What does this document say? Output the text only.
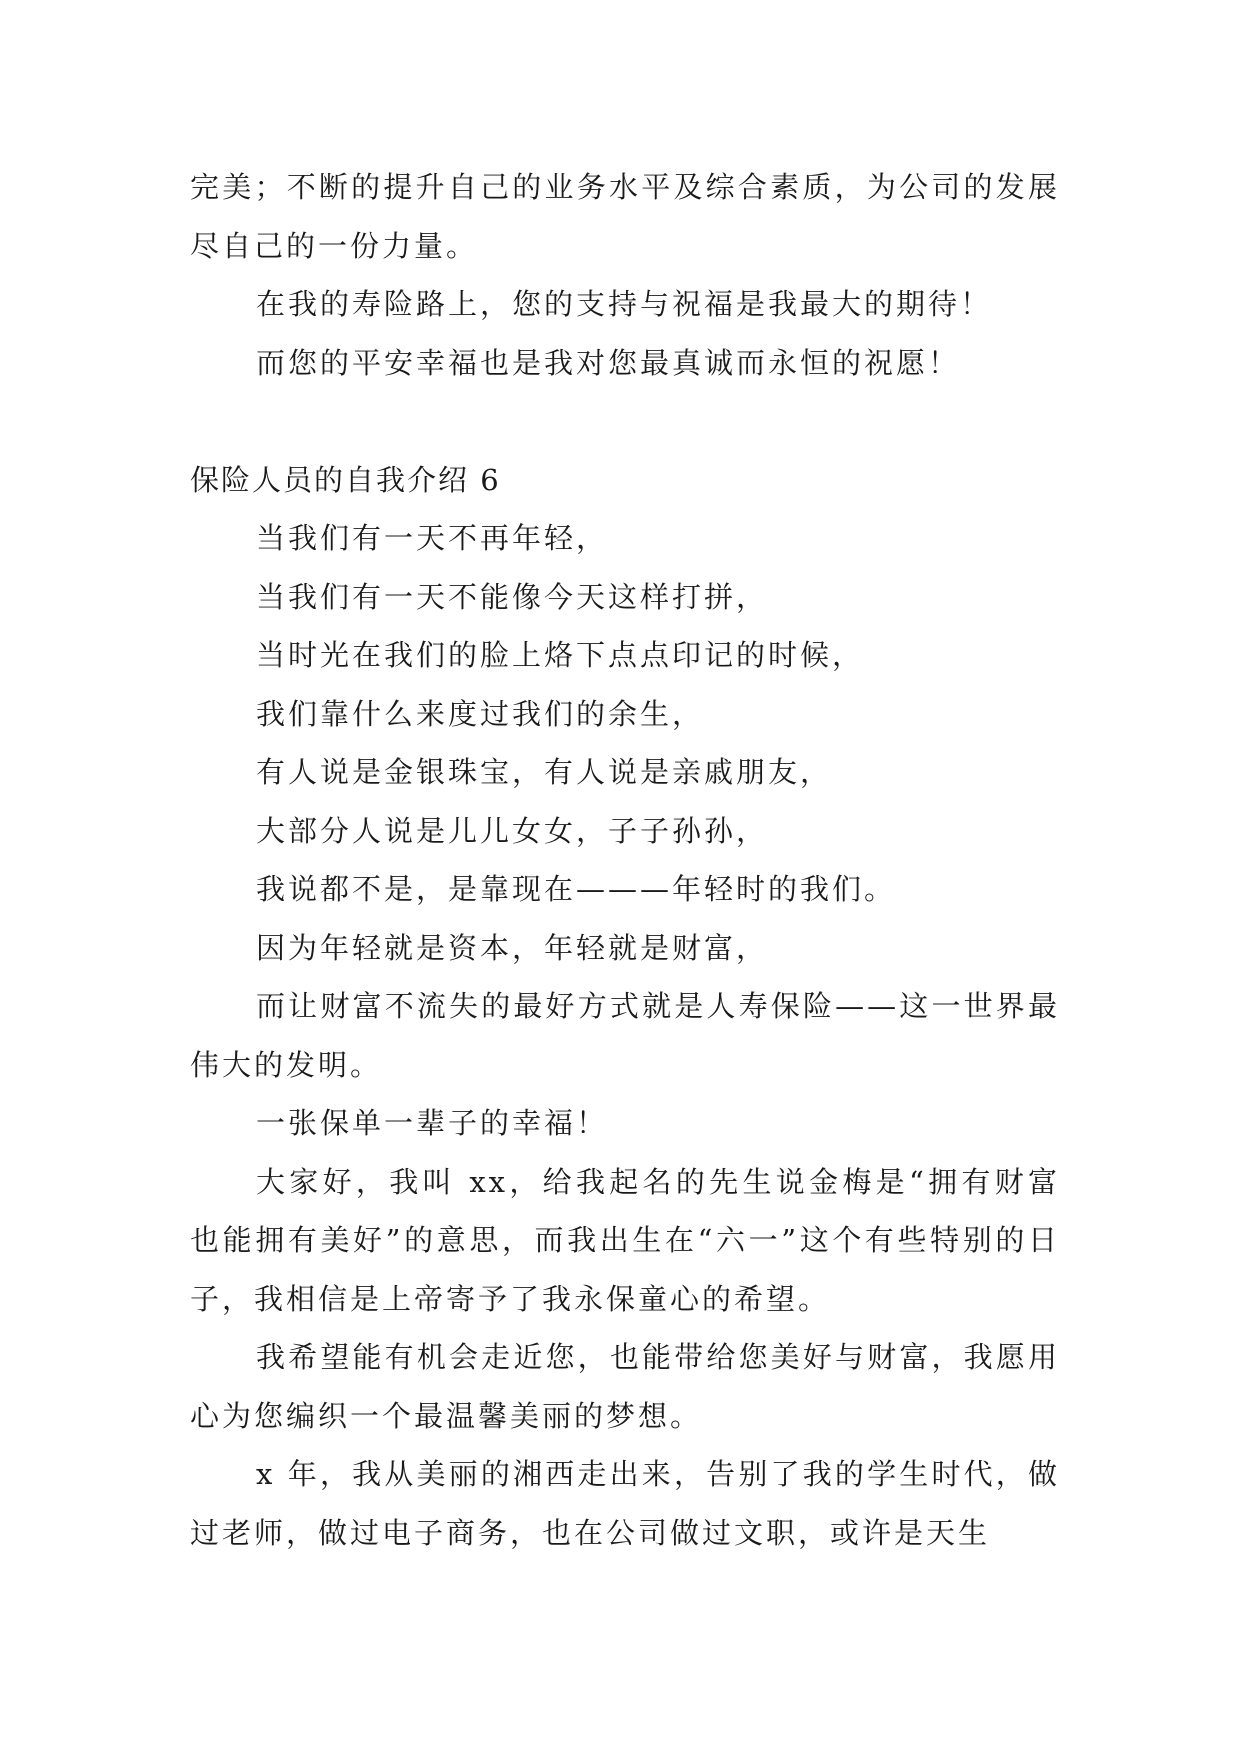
完美；不断的提升自己的业务水平及综合素质，为公司的发展尽自己的一份力量。

在我的寿险路上，您的支持与祝福是我最大的期待！

而您的平安幸福也是我对您最真诚而永恒的祝愿！

保险人员的自我介绍 6

当我们有一天不再年轻，

当我们有一天不能像今天这样打拼，

当时光在我们的脸上烙下点点印记的时候，

我们靠什么来度过我们的余生，

有人说是金银珠宝，有人说是亲戚朋友，

大部分人说是儿儿女女，子子孙孙，

我说都不是，是靠现在———年轻时的我们。

因为年轻就是资本，年轻就是财富，

而让财富不流失的最好方式就是人寿保险——这一世界最伟大的发明。

一张保单一辈子的幸福！

大家好，我叫 xx，给我起名的先生说金梅是“拥有财富也能拥有美好”的意思，而我出生在“六一”这个有些特别的日子，我相信是上帝寄予了我永保童心的希望。

我希望能有机会走近您，也能带给您美好与财富，我愿用心为您编织一个最温馨美丽的梦想。

x 年，我从美丽的湘西走出来，告别了我的学生时代，做过老师，做过电子商务，也在公司做过文职，或许是天生
